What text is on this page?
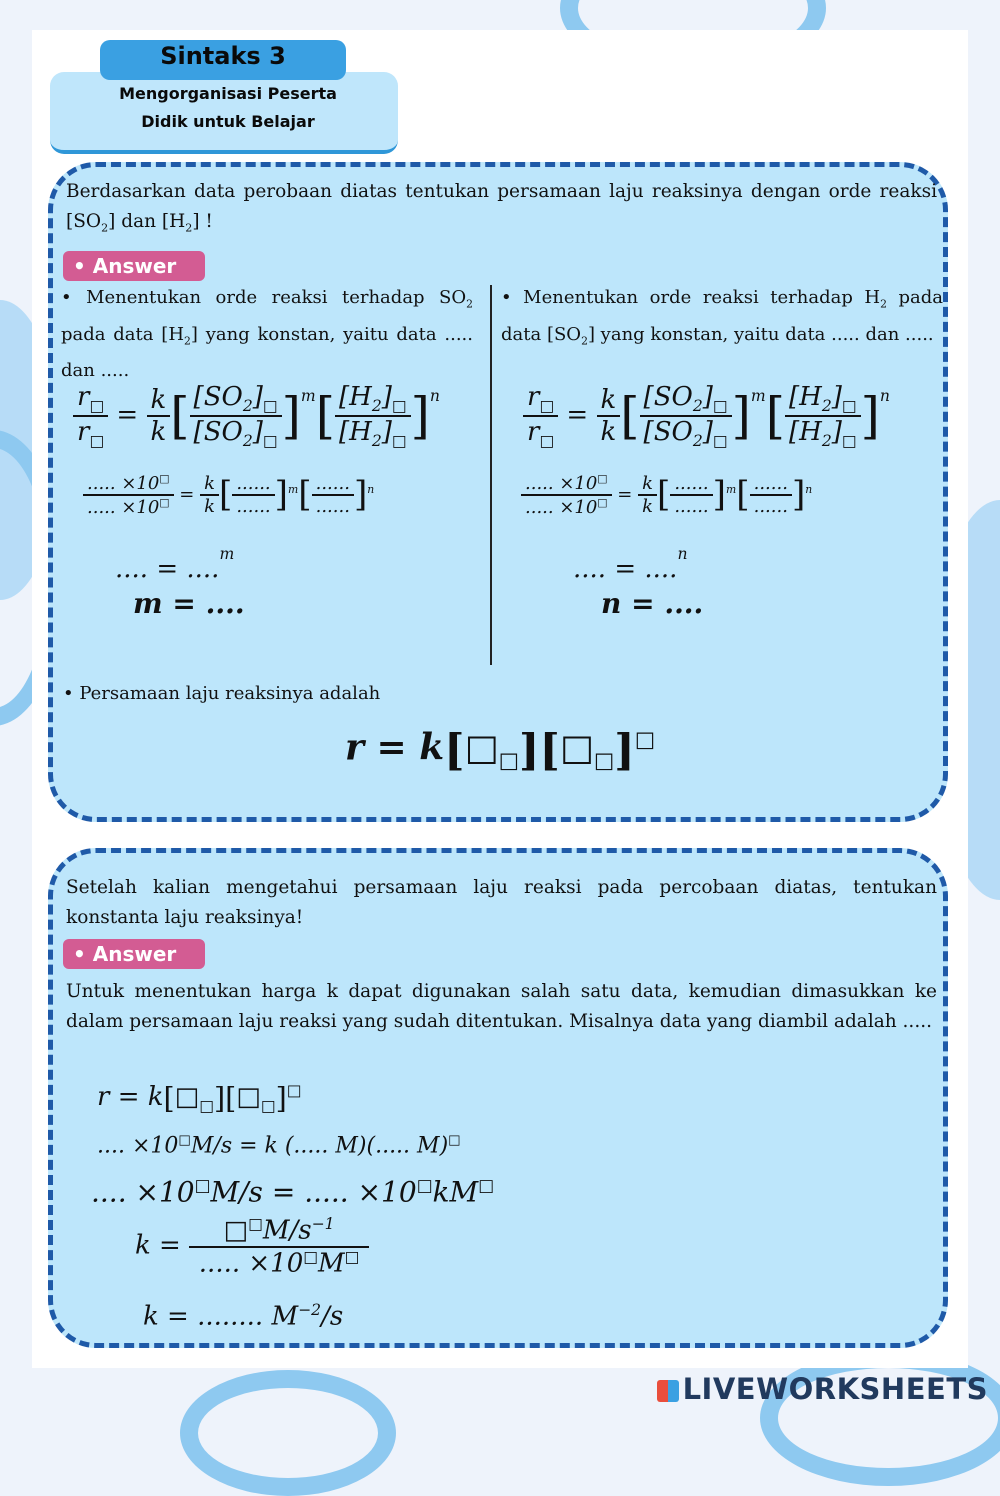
Sintaks 3
Mengorganisasi Peserta
Didik untuk Belajar
Berdasarkan data perobaan diatas tentukan persamaan laju reaksinya dengan orde reaksi $[SO_2]$ dan $[H_2]$ !
• Answer
• Menentukan orde reaksi terhadap $SO_2$ pada data $[H_2]$ yang konstan, yaitu data ..... dan .....
$\frac{r_□}{r_□} = \frac{k}{k}$ [ $\frac{[SO_2]_□}{[SO_2]_□} ]^m[ \frac{[H_2]_□}{[H_2]_□} ]^n$
$\frac{..... \times 10^□}{..... \times 10^□} = \frac{k}{k}$ [ $\frac{......}{......} ]^m[ \frac{......}{......} ]^n$
.... = ....$^m$
m = ....
• Menentukan orde reaksi terhadap $H_2$ pada data $[SO_2]$ yang konstan, yaitu data ..... dan .....
$\frac{r_□}{r_□} = \frac{k}{k}$ [ $\frac{[SO_2]_□}{[SO_2]_□} ]^m[ \frac{[H_2]_□}{[H_2]_□} ]^n$
$\frac{..... \times 10^□}{..... \times 10^□} = \frac{k}{k}$ [ $\frac{......}{......} ]^m[ \frac{......}{......} ]^n$
.... = ....$^n$
n = ....
• Persamaan laju reaksinya adalah
$r = k[□_□][□_□]^□$
Setelah kalian mengetahui persamaan laju reaksi pada percobaan diatas, tentukan konstanta laju reaksinya!
• Answer
Untuk menentukan harga k dapat digunakan salah satu data, kemudian dimasukkan ke dalam persamaan laju reaksi yang sudah ditentukan. Misalnya data yang diambil adalah .....
$r = k[□_□][□_□]^□$
.... ×10□M/s = k (..... M)(..... M)□
.... ×10□M/s = ..... ×10□kM□
$k = \frac{□^□M/s^{-1}}{..... \times 10^□M^□}$
k = ........ $M^{-2}/s$
LIVEWORKSHEETS
